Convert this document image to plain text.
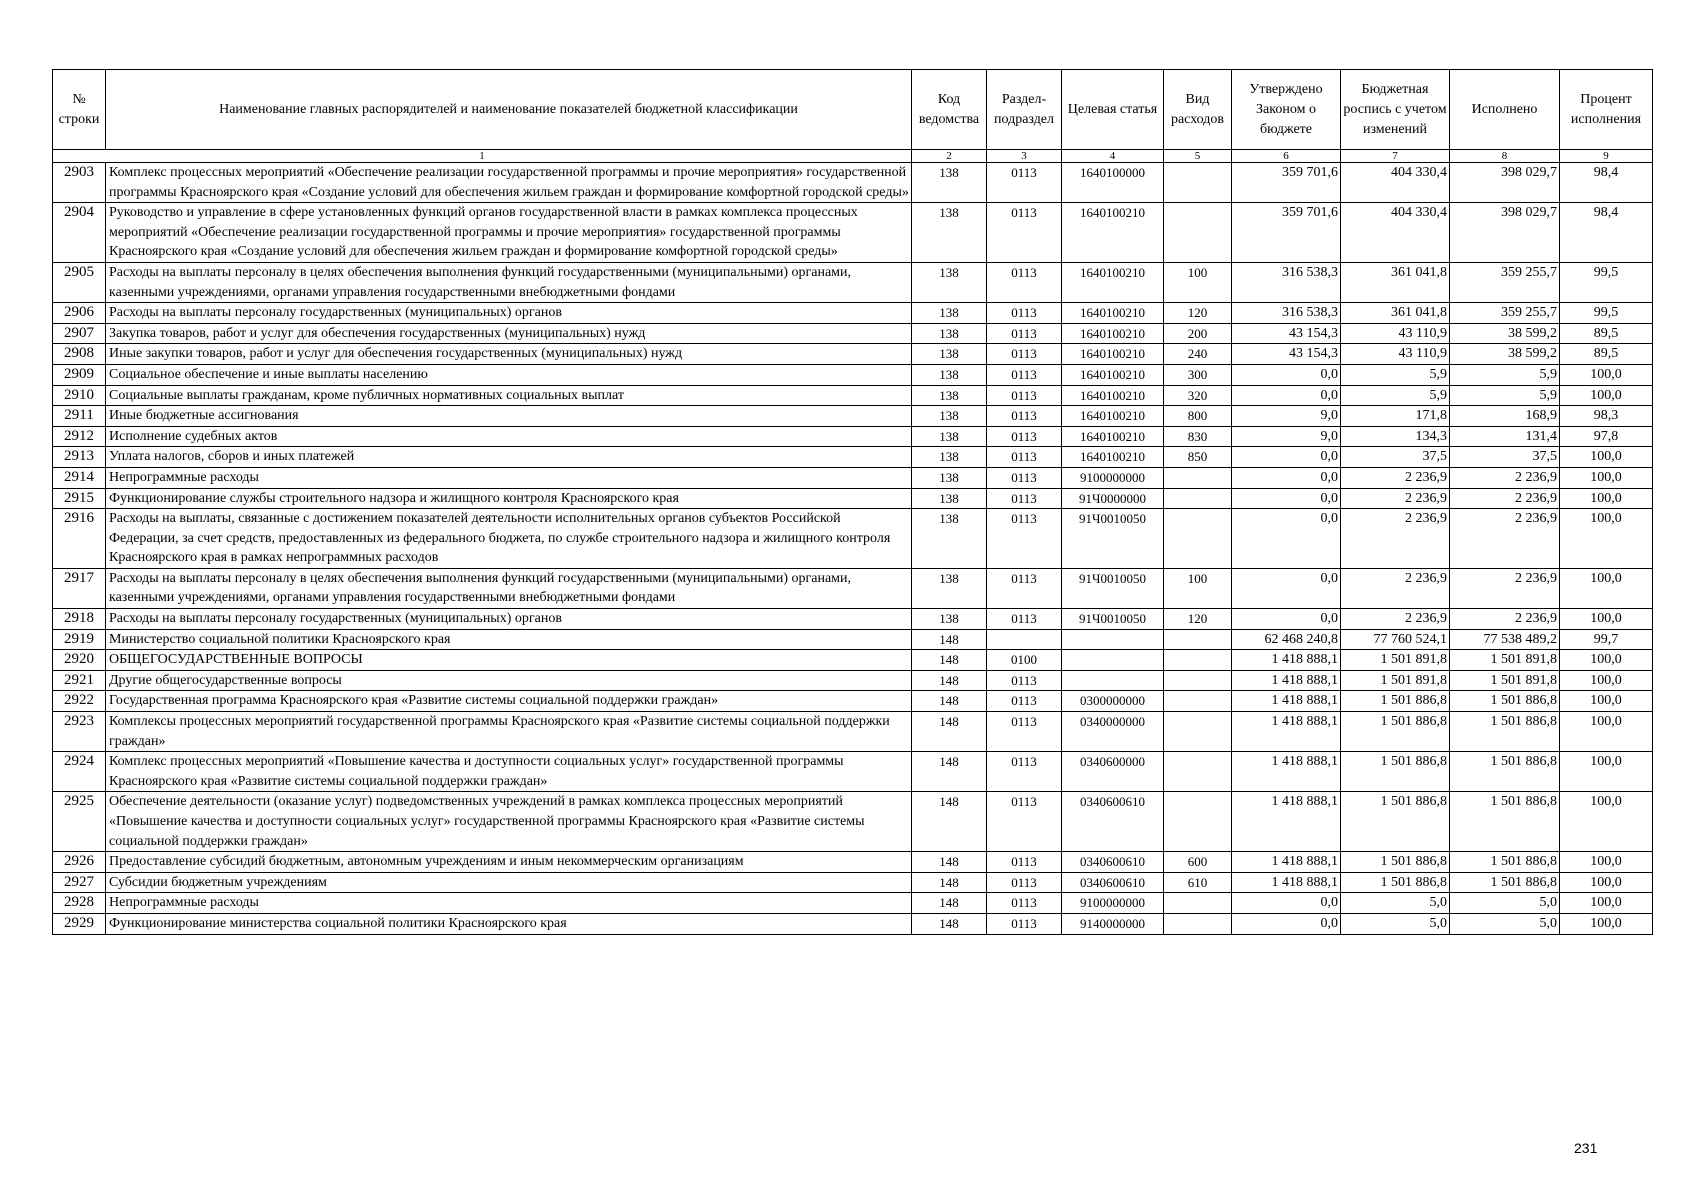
№ строки	Наименование главных распорядителей и наименование показателей бюджетной классификации	Код ведомства	Раздел-подраздел	Целевая статья	Вид расходов	Утверждено Законом о бюджете	Бюджетная роспись с учетом изменений	Исполнено	Процент исполнения
1		2	3	4	5	6	7	8	9
2903	Комплекс процессных мероприятий «Обеспечение реализации государственной программы и прочие мероприятия» государственной программы Красноярского края «Создание условий для обеспечения жильем граждан и формирование комфортной городской среды»	138	0113	1640100000		359 701,6	404 330,4	398 029,7	98,4
2904	Руководство и управление в сфере установленных функций органов государственной власти в рамках комплекса процессных мероприятий «Обеспечение реализации государственной программы и прочие мероприятия» государственной программы Красноярского края «Создание условий для обеспечения жильем граждан и формирование комфортной городской среды»	138	0113	1640100210		359 701,6	404 330,4	398 029,7	98,4
2905	Расходы на выплаты персоналу в целях обеспечения выполнения функций государственными (муниципальными) органами, казенными учреждениями, органами управления государственными внебюджетными фондами	138	0113	1640100210	100	316 538,3	361 041,8	359 255,7	99,5
2906	Расходы на выплаты персоналу государственных (муниципальных) органов	138	0113	1640100210	120	316 538,3	361 041,8	359 255,7	99,5
2907	Закупка товаров, работ и услуг для обеспечения государственных (муниципальных) нужд	138	0113	1640100210	200	43 154,3	43 110,9	38 599,2	89,5
2908	Иные закупки товаров, работ и услуг для обеспечения государственных (муниципальных) нужд	138	0113	1640100210	240	43 154,3	43 110,9	38 599,2	89,5
2909	Социальное обеспечение и иные выплаты населению	138	0113	1640100210	300	0,0	5,9	5,9	100,0
2910	Социальные выплаты гражданам, кроме публичных нормативных социальных выплат	138	0113	1640100210	320	0,0	5,9	5,9	100,0
2911	Иные бюджетные ассигнования	138	0113	1640100210	800	9,0	171,8	168,9	98,3
2912	Исполнение судебных актов	138	0113	1640100210	830	9,0	134,3	131,4	97,8
2913	Уплата налогов, сборов и иных платежей	138	0113	1640100210	850	0,0	37,5	37,5	100,0
2914	Непрограммные расходы	138	0113	9100000000		0,0	2 236,9	2 236,9	100,0
2915	Функционирование службы строительного надзора и жилищного контроля Красноярского края	138	0113	91Ч0000000		0,0	2 236,9	2 236,9	100,0
2916	Расходы на выплаты, связанные с достижением показателей деятельности исполнительных органов субъектов Российской Федерации, за счет средств, предоставленных из федерального бюджета, по службе строительного надзора и жилищного контроля Красноярского края в рамках непрограммных расходов	138	0113	91Ч0010050		0,0	2 236,9	2 236,9	100,0
2917	Расходы на выплаты персоналу в целях обеспечения выполнения функций государственными (муниципальными) органами, казенными учреждениями, органами управления государственными внебюджетными фондами	138	0113	91Ч0010050	100	0,0	2 236,9	2 236,9	100,0
2918	Расходы на выплаты персоналу государственных (муниципальных) органов	138	0113	91Ч0010050	120	0,0	2 236,9	2 236,9	100,0
2919	Министерство социальной политики Красноярского края	148				62 468 240,8	77 760 524,1	77 538 489,2	99,7
2920	ОБЩЕГОСУДАРСТВЕННЫЕ ВОПРОСЫ	148	0100			1 418 888,1	1 501 891,8	1 501 891,8	100,0
2921	Другие общегосударственные вопросы	148	0113			1 418 888,1	1 501 891,8	1 501 891,8	100,0
2922	Государственная программа Красноярского края «Развитие системы социальной поддержки граждан»	148	0113	0300000000		1 418 888,1	1 501 886,8	1 501 886,8	100,0
2923	Комплексы процессных мероприятий государственной программы Красноярского края «Развитие системы социальной поддержки граждан»	148	0113	0340000000		1 418 888,1	1 501 886,8	1 501 886,8	100,0
2924	Комплекс процессных мероприятий «Повышение качества и доступности социальных услуг» государственной программы Красноярского края «Развитие системы социальной поддержки граждан»	148	0113	0340600000		1 418 888,1	1 501 886,8	1 501 886,8	100,0
2925	Обеспечение деятельности (оказание услуг) подведомственных учреждений в рамках комплекса процессных мероприятий «Повышение качества и доступности социальных услуг» государственной программы Красноярского края «Развитие системы социальной поддержки граждан»	148	0113	0340600610		1 418 888,1	1 501 886,8	1 501 886,8	100,0
2926	Предоставление субсидий бюджетным, автономным учреждениям и иным некоммерческим организациям	148	0113	0340600610	600	1 418 888,1	1 501 886,8	1 501 886,8	100,0
2927	Субсидии бюджетным учреждениям	148	0113	0340600610	610	1 418 888,1	1 501 886,8	1 501 886,8	100,0
2928	Непрограммные расходы	148	0113	9100000000		0,0	5,0	5,0	100,0
2929	Функционирование министерства социальной политики Красноярского края	148	0113	9140000000		0,0	5,0	5,0	100,0
231
